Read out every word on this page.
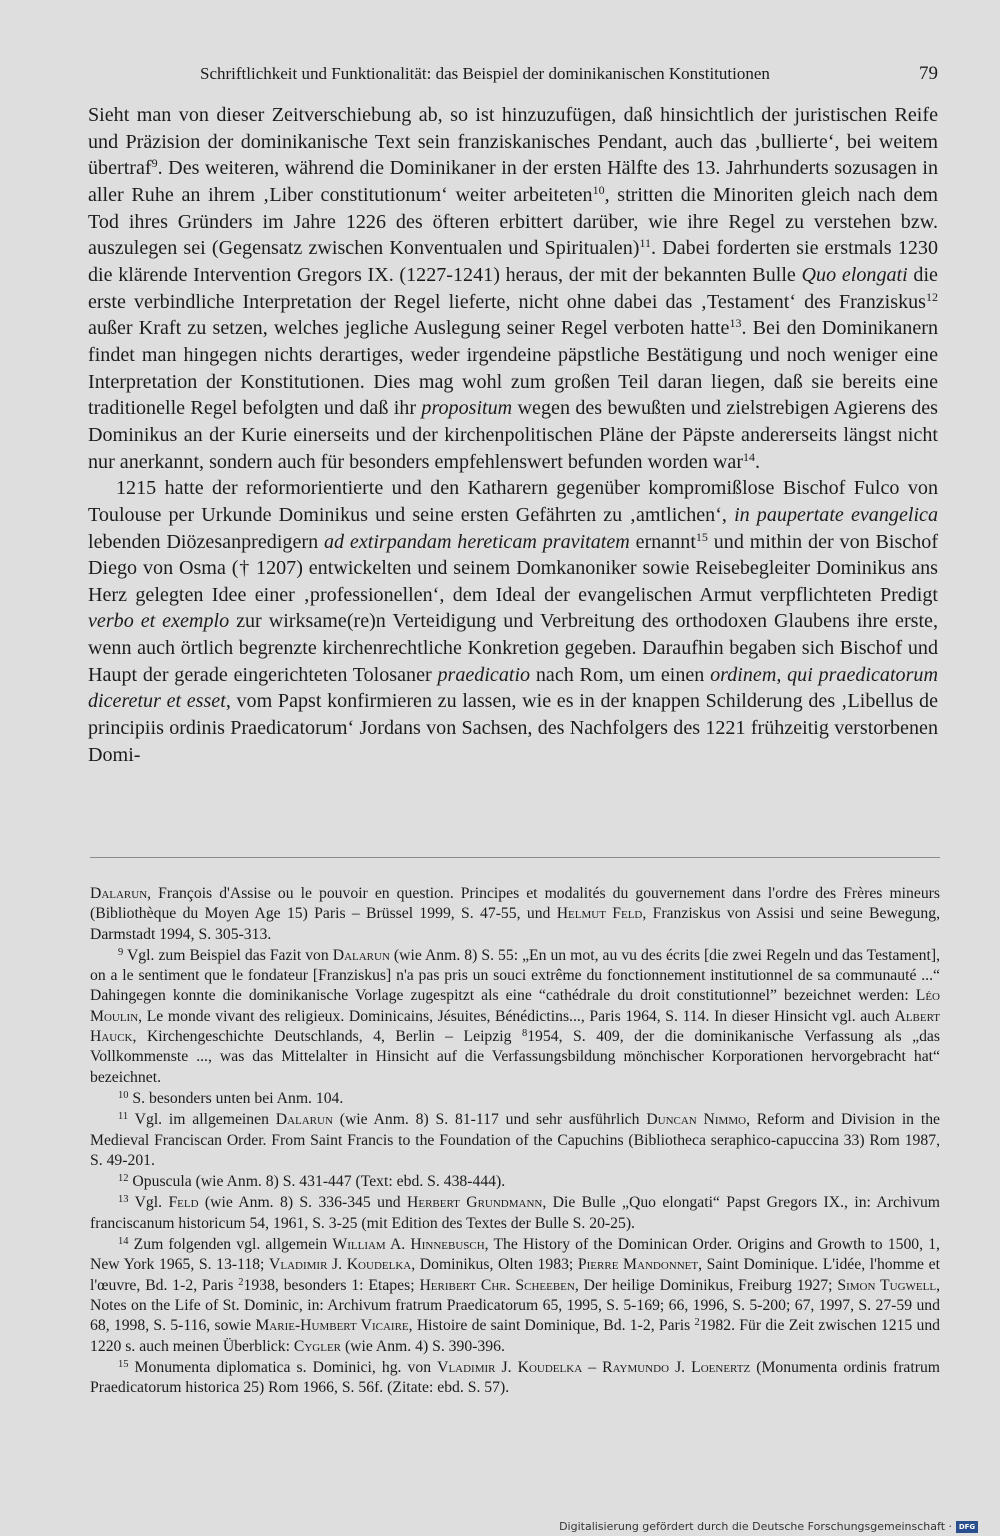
Schriftlichkeit und Funktionalität: das Beispiel der dominikanischen Konstitutionen	79

Sieht man von dieser Zeitverschiebung ab, so ist hinzuzufügen, daß hinsichtlich der juristischen Reife und Präzision der dominikanische Text sein franziskanisches Pendant, auch das ‚bullierte‘, bei weitem übertraf$^9$. Des weiteren, während die Dominikaner in der ersten Hälfte des 13. Jahrhunderts sozusagen in aller Ruhe an ihrem ‚Liber constitutionum‘ weiter arbeiteten$^{10}$, stritten die Minoriten gleich nach dem Tod ihres Gründers im Jahre 1226 des öfteren erbittert darüber, wie ihre Regel zu verstehen bzw. auszulegen sei (Gegensatz zwischen Konventualen und Spiritualen)$^{11}$. Dabei forderten sie erstmals 1230 die klärende Intervention Gregors IX. (1227-1241) heraus, der mit der bekannten Bulle Quo elongati die erste verbindliche Interpretation der Regel lieferte, nicht ohne dabei das ‚Testament‘ des Franziskus$^{12}$ außer Kraft zu setzen, welches jegliche Auslegung seiner Regel verboten hatte$^{13}$. Bei den Dominikanern findet man hingegen nichts derartiges, weder irgendeine päpstliche Bestätigung und noch weniger eine Interpretation der Konstitutionen. Dies mag wohl zum großen Teil daran liegen, daß sie bereits eine traditionelle Regel befolgten und daß ihr propositum wegen des bewußten und zielstrebigen Agierens des Dominikus an der Kurie einerseits und der kirchenpolitischen Pläne der Päpste andererseits längst nicht nur anerkannt, sondern auch für besonders empfehlenswert befunden worden war$^{14}$.

1215 hatte der reformorientierte und den Katharern gegenüber kompromißlose Bischof Fulco von Toulouse per Urkunde Dominikus und seine ersten Gefährten zu ‚amtlichen‘, in paupertate evangelica lebenden Diözesanpredigern ad extirpandam hereticam pravitatem ernannt$^{15}$ und mithin der von Bischof Diego von Osma († 1207) entwickelten und seinem Domkanoniker sowie Reisebegleiter Dominikus ans Herz gelegten Idee einer ‚professionellen‘, dem Ideal der evangelischen Armut verpflichteten Predigt verbo et exemplo zur wirksame(re)n Verteidigung und Verbreitung des orthodoxen Glaubens ihre erste, wenn auch örtlich begrenzte kirchenrechtliche Konkretion gegeben. Daraufhin begaben sich Bischof und Haupt der gerade eingerichteten Tolosaner praedicatio nach Rom, um einen ordinem, qui praedicatorum diceretur et esset, vom Papst konfirmieren zu lassen, wie es in der knappen Schilderung des ‚Libellus de principiis ordinis Praedicatorum‘ Jordans von Sachsen, des Nachfolgers des 1221 frühzeitig verstorbenen Domi-

Dalarun, François d'Assise ou le pouvoir en question. Principes et modalités du gouvernement dans l'ordre des Frères mineurs (Bibliothèque du Moyen Age 15) Paris – Brüssel 1999, S. 47-55, und Helmut Feld, Franziskus von Assisi und seine Bewegung, Darmstadt 1994, S. 305-313.

$^9$ Vgl. zum Beispiel das Fazit von Dalarun (wie Anm. 8) S. 55: „En un mot, au vu des écrits [die zwei Regeln und das Testament], on a le sentiment que le fondateur [Franziskus] n'a pas pris un souci extrême du fonctionnement institutionnel de sa communauté ...“ Dahingegen konnte die dominikanische Vorlage zugespitzt als eine “cathédrale du droit constitutionnel” bezeichnet werden: Léo Moulin, Le monde vivant des religieux. Dominicains, Jésuites, Bénédictins..., Paris 1964, S. 114. In dieser Hinsicht vgl. auch Albert Hauck, Kirchengeschichte Deutschlands, 4, Berlin – Leipzig $^8$1954, S. 409, der die dominikanische Verfassung als „das Vollkommenste ..., was das Mittelalter in Hinsicht auf die Verfassungsbildung mönchischer Korporationen hervorgebracht hat“ bezeichnet.

$^{10}$ S. besonders unten bei Anm. 104.

$^{11}$ Vgl. im allgemeinen Dalarun (wie Anm. 8) S. 81-117 und sehr ausführlich Duncan Nimmo, Reform and Division in the Medieval Franciscan Order. From Saint Francis to the Foundation of the Capuchins (Bibliotheca seraphico-capuccina 33) Rom 1987, S. 49-201.

$^{12}$ Opuscula (wie Anm. 8) S. 431-447 (Text: ebd. S. 438-444).

$^{13}$ Vgl. Feld (wie Anm. 8) S. 336-345 und Herbert Grundmann, Die Bulle „Quo elongati“ Papst Gregors IX., in: Archivum franciscanum historicum 54, 1961, S. 3-25 (mit Edition des Textes der Bulle S. 20-25).

$^{14}$ Zum folgenden vgl. allgemein William A. Hinnebusch, The History of the Dominican Order. Origins and Growth to 1500, 1, New York 1965, S. 13-118; Vladimir J. Koudelka, Dominikus, Olten 1983; Pierre Mandonnet, Saint Dominique. L'idée, l'homme et l'œuvre, Bd. 1-2, Paris $^2$1938, besonders 1: Etapes; Heribert Chr. Scheeben, Der heilige Dominikus, Freiburg 1927; Simon Tugwell, Notes on the Life of St. Dominic, in: Archivum fratrum Praedicatorum 65, 1995, S. 5-169; 66, 1996, S. 5-200; 67, 1997, S. 27-59 und 68, 1998, S. 5-116, sowie Marie-Humbert Vicaire, Histoire de saint Dominique, Bd. 1-2, Paris $^2$1982. Für die Zeit zwischen 1215 und 1220 s. auch meinen Überblick: Cygler (wie Anm. 4) S. 390-396.

$^{15}$ Monumenta diplomatica s. Dominici, hg. von Vladimir J. Koudelka – Raymundo J. Loenertz (Monumenta ordinis fratrum Praedicatorum historica 25) Rom 1966, S. 56f. (Zitate: ebd. S. 57).

Digitalisierung gefördert durch die Deutsche Forschungsgemeinschaft · DFG
